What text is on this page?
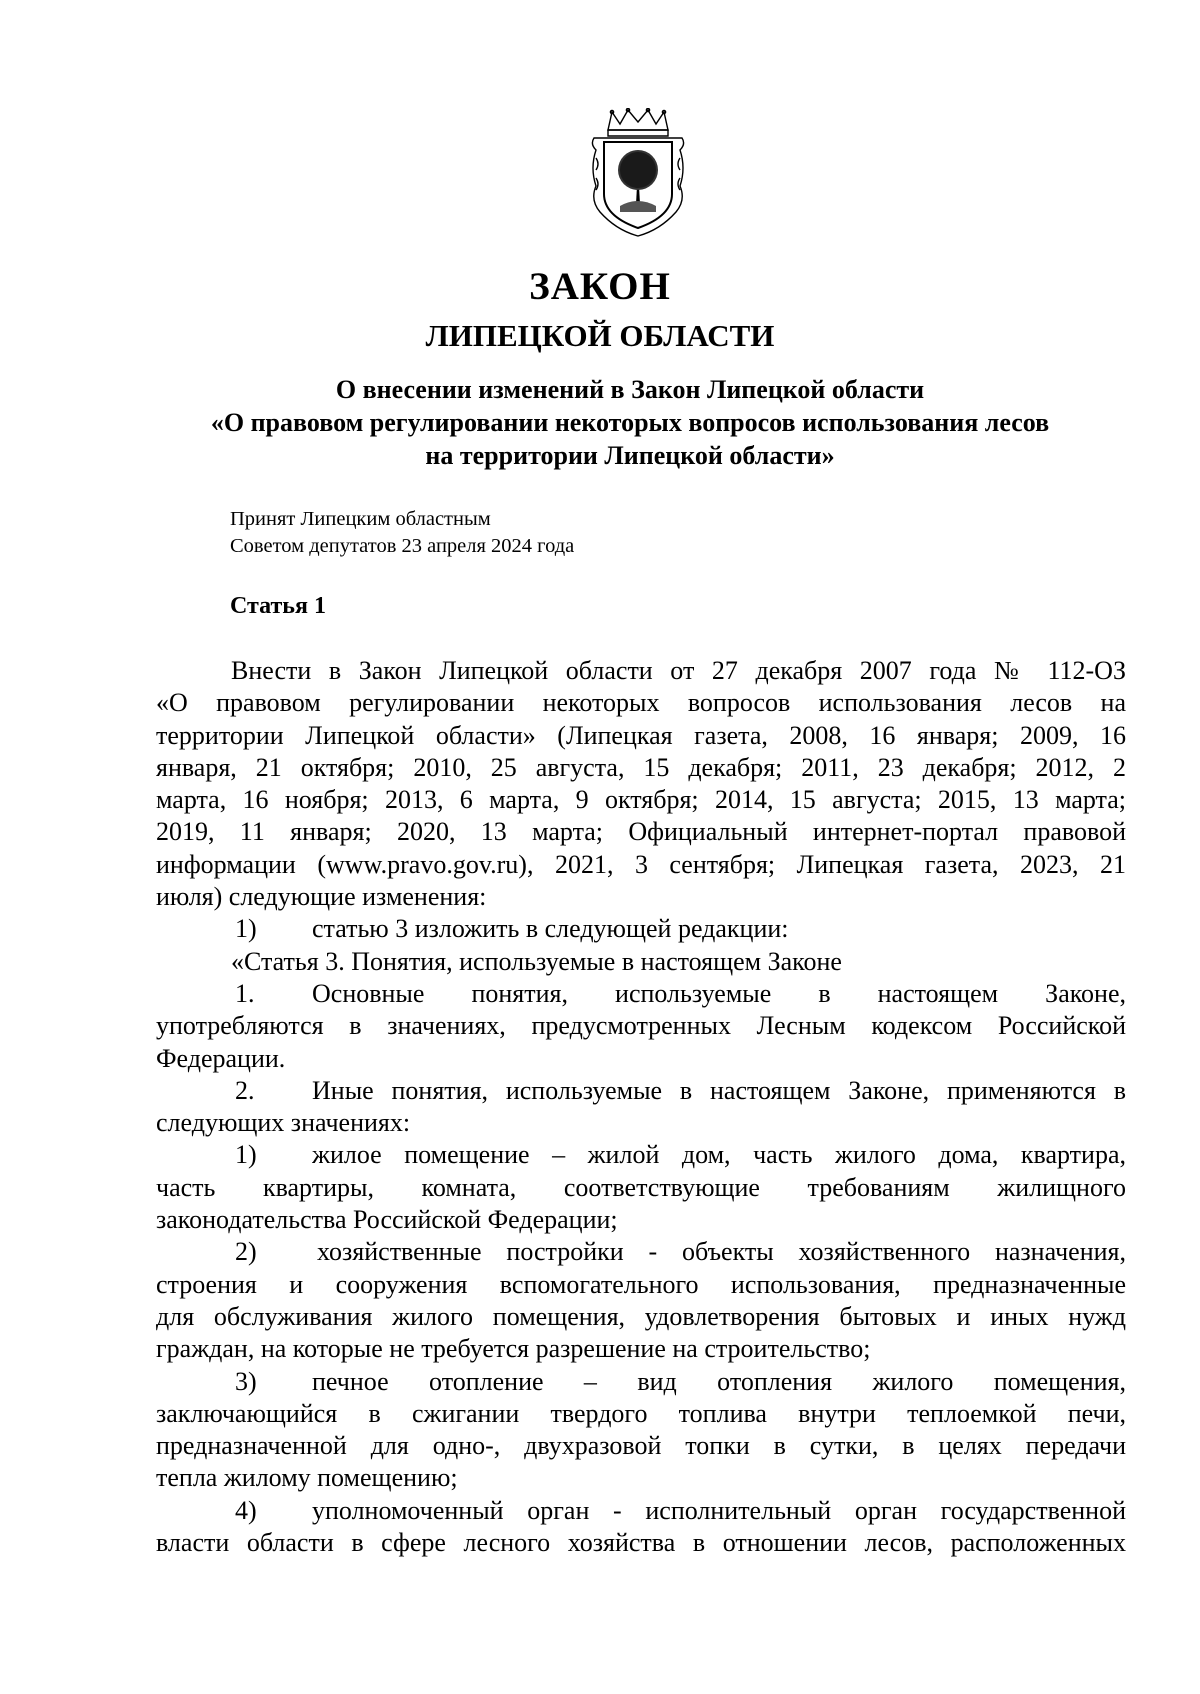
ЗАКОН
ЛИПЕЦКОЙ ОБЛАСТИ
О внесении изменений в Закон Липецкой области
«О правовом регулировании некоторых вопросов использования лесов
на территории Липецкой области»
Принят Липецким областным
Советом депутатов 23 апреля 2024 года
Статья 1
Внести в Закон Липецкой области от 27 декабря 2007 года № 112-ОЗ
«О правовом регулировании некоторых вопросов использования лесов на
территории Липецкой области» (Липецкая газета, 2008, 16 января; 2009, 16
января, 21 октября; 2010, 25 августа, 15 декабря; 2011, 23 декабря; 2012, 2
марта, 16 ноября; 2013, 6 марта, 9 октября; 2014, 15 августа; 2015, 13 марта;
2019, 11 января; 2020, 13 марта; Официальный интернет-портал правовой
информации (www.pravo.gov.ru), 2021, 3 сентября; Липецкая газета, 2023, 21
июля) следующие изменения:
1) статью 3 изложить в следующей редакции:
«Статья 3. Понятия, используемые в настоящем Законе
1.	Основные понятия, используемые в настоящем Законе,
употребляются в значениях, предусмотренных Лесным кодексом Российской
Федерации.
2.	Иные понятия, используемые в настоящем Законе, применяются в
следующих значениях:
1)	жилое помещение – жилой дом, часть жилого дома, квартира,
часть квартиры, комната, соответствующие требованиям жилищного
законодательства Российской Федерации;
2)	хозяйственные постройки - объекты хозяйственного назначения,
строения и сооружения вспомогательного использования, предназначенные
для обслуживания жилого помещения, удовлетворения бытовых и иных нужд
граждан, на которые не требуется разрешение на строительство;
3)	печное отопление – вид отопления жилого помещения,
заключающийся в сжигании твердого топлива внутри теплоемкой печи,
предназначенной для одно-, двухразовой топки в сутки, в целях передачи
тепла жилому помещению;
4)	уполномоченный орган - исполнительный орган государственной
власти области в сфере лесного хозяйства в отношении лесов, расположенных
